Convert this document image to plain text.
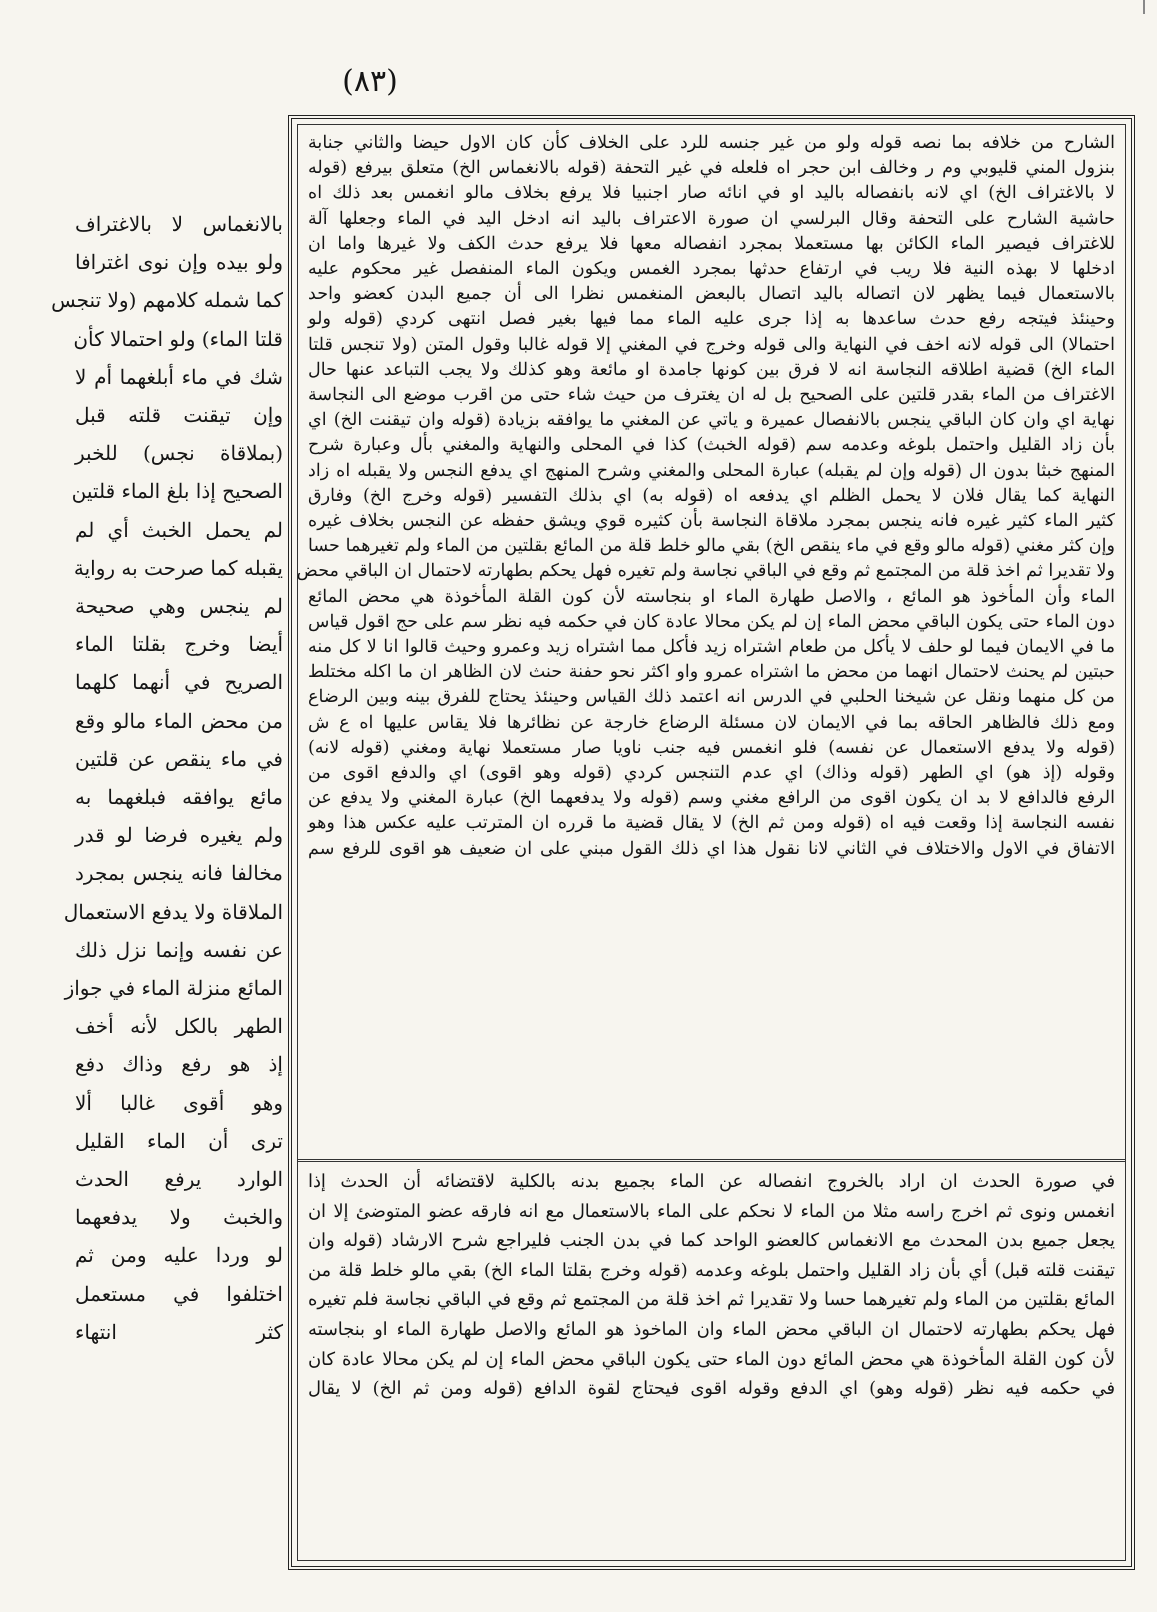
(٨٣)

بالانغماس لا بالاغتراف

ولو بيده وإن نوى اغترافا

كما شمله كلامهم (ولا تنجس

قلتا الماء) ولو احتمالا كأن

شك في ماء أبلغهما أم لا

وإن تيقنت قلته قبل

(بملاقاة نجس) للخبر

الصحيح إذا بلغ الماء قلتين

لم يحمل الخبث أي لم

يقبله كما صرحت به رواية

لم ينجس وهي صحيحة

أيضا وخرج بقلتا الماء

الصريح في أنهما كلهما

من محض الماء مالو وقع

في ماء ينقص عن قلتين

مائع يوافقه فبلغهما به

ولم يغيره فرضا لو قدر

مخالفا فانه ينجس بمجرد

الملاقاة ولا يدفع الاستعمال

عن نفسه وإنما نزل ذلك

المائع منزلة الماء في جواز

الطهر بالكل لأنه أخف

إذ هو رفع وذاك دفع

وهو أقوى غالبا ألا

ترى أن الماء القليل

الوارد يرفع الحدث

والخبث ولا يدفعهما

لو وردا عليه ومن ثم

اختلفوا في مستعمل

كثر انتهاء

الشارح من خلافه بما نصه قوله ولو من غير جنسه للرد على الخلاف كأن كان الاول حيضا والثاني جنابة

بنزول المني قليوبي وم ر وخالف ابن حجر اه فلعله في غير التحفة (قوله بالانغماس الخ) متعلق بيرفع (قوله

لا بالاغتراف الخ) اي لانه بانفصاله باليد او في انائه صار اجنبيا فلا يرفع بخلاف مالو انغمس بعد ذلك اه

حاشية الشارح على التحفة وقال البرلسي ان صورة الاعتراف باليد انه ادخل اليد في الماء وجعلها آلة

للاغتراف فيصير الماء الكائن بها مستعملا بمجرد انفصاله معها فلا يرفع حدث الكف ولا غيرها واما ان

ادخلها لا بهذه النية فلا ريب في ارتفاع حدثها بمجرد الغمس ويكون الماء المنفصل غير محكوم عليه

بالاستعمال فيما يظهر لان اتصاله باليد اتصال بالبعض المنغمس نظرا الى أن جميع البدن كعضو واحد

وحينئذ فيتجه رفع حدث ساعدها به إذا جرى عليه الماء مما فيها بغير فصل انتهى كردي (قوله ولو

احتمالا) الى قوله لانه اخف في النهاية والى قوله وخرج في المغني إلا قوله غالبا وقول المتن (ولا تنجس قلتا

الماء الخ) قضية اطلاقه النجاسة انه لا فرق بين كونها جامدة او مائعة وهو كذلك ولا يجب التباعد عنها حال

الاغتراف من الماء بقدر قلتين على الصحيح بل له ان يغترف من حيث شاء حتى من اقرب موضع الى النجاسة

نهاية اي وان كان الباقي ينجس بالانفصال عميرة و ياتي عن المغني ما يوافقه بزيادة (قوله وان تيقنت الخ) اي

بأن زاد القليل واحتمل بلوغه وعدمه سم (قوله الخبث) كذا في المحلى والنهاية والمغني بأل وعبارة شرح

المنهج خبثا بدون ال (قوله وإن لم يقبله) عبارة المحلى والمغني وشرح المنهج اي يدفع النجس ولا يقبله اه زاد

النهاية كما يقال فلان لا يحمل الظلم اي يدفعه اه (قوله به) اي بذلك التفسير (قوله وخرج الخ) وفارق

كثير الماء كثير غيره فانه ينجس بمجرد ملاقاة النجاسة بأن كثيره قوي ويشق حفظه عن النجس بخلاف غيره

وإن كثر مغني (قوله مالو وقع في ماء ينقص الخ) بقي مالو خلط قلة من المائع بقلتين من الماء ولم تغيرهما حسا

ولا تقديرا ثم اخذ قلة من المجتمع ثم وقع في الباقي نجاسة ولم تغيره فهل يحكم بطهارته لاحتمال ان الباقي محض

الماء وأن المأخوذ هو المائع ، والاصل طهارة الماء او بنجاسته لأن كون القلة المأخوذة هي محض المائع

دون الماء حتى يكون الباقي محض الماء إن لم يكن محالا عادة كان في حكمه فيه نظر سم على حج اقول قياس

ما في الايمان فيما لو حلف لا يأكل من طعام اشتراه زيد فأكل مما اشتراه زيد وعمرو وحيث قالوا انا لا كل منه

حبتين لم يحنث لاحتمال انهما من محض ما اشتراه عمرو واو اكثر نحو حفنة حنث لان الظاهر ان ما اكله مختلط

من كل منهما ونقل عن شيخنا الحلبي في الدرس انه اعتمد ذلك القياس وحينئذ يحتاج للفرق بينه وبين الرضاع

ومع ذلك فالظاهر الحاقه بما في الايمان لان مسئلة الرضاع خارجة عن نظائرها فلا يقاس عليها اه ع ش

(قوله ولا يدفع الاستعمال عن نفسه) فلو انغمس فيه جنب ناويا صار مستعملا نهاية ومغني (قوله لانه)

وقوله (إذ هو) اي الطهر (قوله وذاك) اي عدم التنجس كردي (قوله وهو اقوى) اي والدفع اقوى من

الرفع فالدافع لا بد ان يكون اقوى من الرافع مغني وسم (قوله ولا يدفعهما الخ) عبارة المغني ولا يدفع عن

نفسه النجاسة إذا وقعت فيه اه (قوله ومن ثم الخ) لا يقال قضية ما قرره ان المترتب عليه عكس هذا وهو

الاتفاق في الاول والاختلاف في الثاني لانا نقول هذا اي ذلك القول مبني على ان ضعيف هو اقوى للرفع سم

في صورة الحدث ان اراد بالخروج انفصاله عن الماء بجميع بدنه بالكلية لاقتضائه أن الحدث إذا

انغمس ونوى ثم اخرج راسه مثلا من الماء لا نحكم على الماء بالاستعمال مع انه فارقه عضو المتوضئ إلا ان

يجعل جميع بدن المحدث مع الانغماس كالعضو الواحد كما في بدن الجنب فليراجع شرح الارشاد (قوله وان

تيقنت قلته قبل) أي بأن زاد القليل واحتمل بلوغه وعدمه (قوله وخرج بقلتا الماء الخ) بقي مالو خلط قلة من

المائع بقلتين من الماء ولم تغيرهما حسا ولا تقديرا ثم اخذ قلة من المجتمع ثم وقع في الباقي نجاسة فلم تغيره

فهل يحكم بطهارته لاحتمال ان الباقي محض الماء وان الماخوذ هو المائع والاصل طهارة الماء او بنجاسته

لأن كون القلة المأخوذة هي محض المائع دون الماء حتى يكون الباقي محض الماء إن لم يكن محالا عادة كان

في حكمه فيه نظر (قوله وهو) اي الدفع وقوله اقوى فيحتاج لقوة الدافع (قوله ومن ثم الخ) لا يقال
